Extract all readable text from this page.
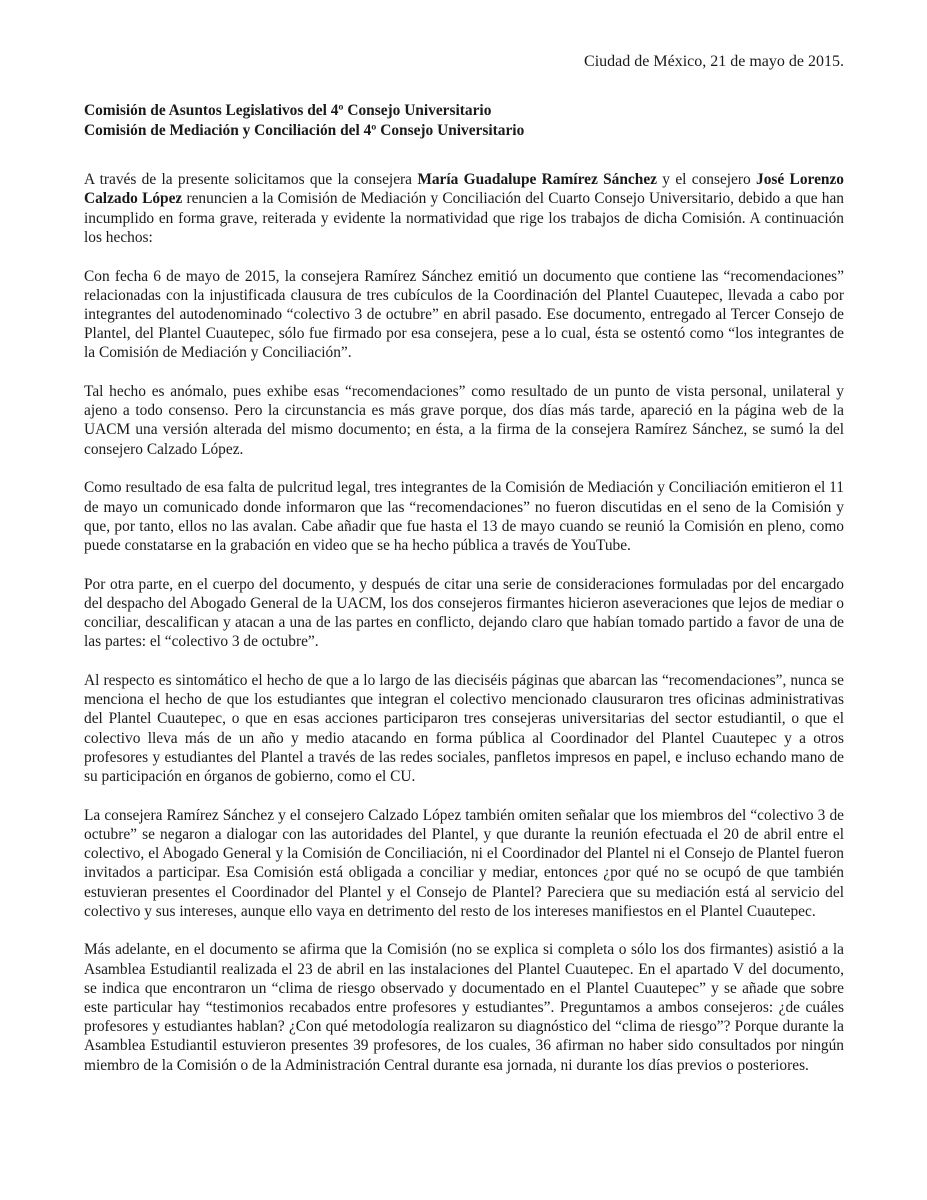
Ciudad de México, 21 de mayo de 2015.
Comisión de Asuntos Legislativos del 4º Consejo Universitario
Comisión de Mediación y Conciliación del 4º Consejo Universitario

A través de la presente solicitamos que la consejera María Guadalupe Ramírez Sánchez y el consejero José Lorenzo Calzado López renuncien a la Comisión de Mediación y Conciliación del Cuarto Consejo Universitario, debido a que han incumplido en forma grave, reiterada y evidente la normatividad que rige los trabajos de dicha Comisión. A continuación los hechos:

Con fecha 6 de mayo de 2015, la consejera Ramírez Sánchez emitió un documento que contiene las “recomendaciones” relacionadas con la injustificada clausura de tres cubículos de la Coordinación del Plantel Cuautepec, llevada a cabo por integrantes del autodenominado “colectivo 3 de octubre” en abril pasado. Ese documento, entregado al Tercer Consejo de Plantel, del Plantel Cuautepec, sólo fue firmado por esa consejera, pese a lo cual, ésta se ostentó como “los integrantes de la Comisión de Mediación y Conciliación”.

Tal hecho es anómalo, pues exhibe esas “recomendaciones” como resultado de un punto de vista personal, unilateral y ajeno a todo consenso. Pero la circunstancia es más grave porque, dos días más tarde, apareció en la página web de la UACM una versión alterada del mismo documento; en ésta, a la firma de la consejera Ramírez Sánchez, se sumó la del consejero Calzado López.

Como resultado de esa falta de pulcritud legal, tres integrantes de la Comisión de Mediación y Conciliación emitieron el 11 de mayo un comunicado donde informaron que las “recomendaciones” no fueron discutidas en el seno de la Comisión y que, por tanto, ellos no las avalan. Cabe añadir que fue hasta el 13 de mayo cuando se reunió la Comisión en pleno, como puede constatarse en la grabación en video que se ha hecho pública a través de YouTube.

Por otra parte, en el cuerpo del documento, y después de citar una serie de consideraciones formuladas por del encargado del despacho del Abogado General de la UACM, los dos consejeros firmantes hicieron aseveraciones que lejos de mediar o conciliar, descalifican y atacan a una de las partes en conflicto, dejando claro que habían tomado partido a favor de una de las partes: el “colectivo 3 de octubre”.

Al respecto es sintomático el hecho de que a lo largo de las dieciséis páginas que abarcan las “recomendaciones”, nunca se menciona el hecho de que los estudiantes que integran el colectivo mencionado clausuraron tres oficinas administrativas del Plantel Cuautepec, o que en esas acciones participaron tres consejeras universitarias del sector estudiantil, o que el colectivo lleva más de un año y medio atacando en forma pública al Coordinador del Plantel Cuautepec y a otros profesores y estudiantes del Plantel a través de las redes sociales, panfletos impresos en papel, e incluso echando mano de su participación en órganos de gobierno, como el CU.

La consejera Ramírez Sánchez y el consejero Calzado López también omiten señalar que los miembros del “colectivo 3 de octubre” se negaron a dialogar con las autoridades del Plantel, y que durante la reunión efectuada el 20 de abril entre el colectivo, el Abogado General y la Comisión de Conciliación, ni el Coordinador del Plantel ni el Consejo de Plantel fueron invitados a participar. Esa Comisión está obligada a conciliar y mediar, entonces ¿por qué no se ocupó de que también estuvieran presentes el Coordinador del Plantel y el Consejo de Plantel? Pareciera que su mediación está al servicio del colectivo y sus intereses, aunque ello vaya en detrimento del resto de los intereses manifiestos en el Plantel Cuautepec.

Más adelante, en el documento se afirma que la Comisión (no se explica si completa o sólo los dos firmantes) asistió a la Asamblea Estudiantil realizada el 23 de abril en las instalaciones del Plantel Cuautepec. En el apartado V del documento, se indica que encontraron un “clima de riesgo observado y documentado en el Plantel Cuautepec” y se añade que sobre este particular hay “testimonios recabados entre profesores y estudiantes”. Preguntamos a ambos consejeros: ¿de cuáles profesores y estudiantes hablan? ¿Con qué metodología realizaron su diagnóstico del “clima de riesgo”? Porque durante la Asamblea Estudiantil estuvieron presentes 39 profesores, de los cuales, 36 afirman no haber sido consultados por ningún miembro de la Comisión o de la Administración Central durante esa jornada, ni durante los días previos o posteriores.
